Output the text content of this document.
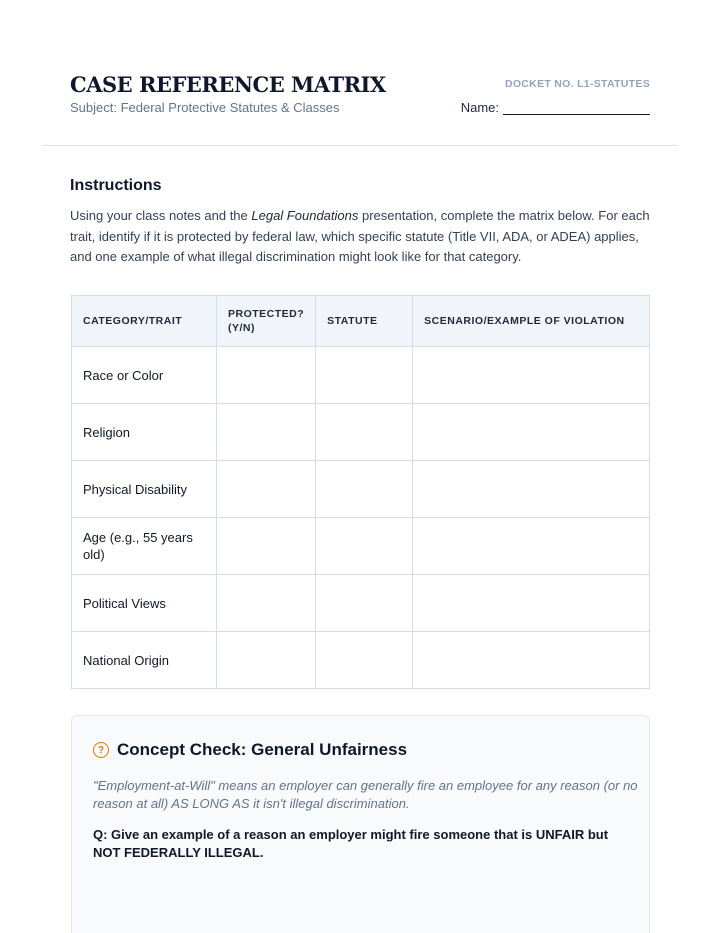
CASE REFERENCE MATRIX
Subject: Federal Protective Statutes & Classes
DOCKET NO. L1-STATUTES
Name:
Instructions
Using your class notes and the Legal Foundations presentation, complete the matrix below. For each trait, identify if it is protected by federal law, which specific statute (Title VII, ADA, or ADEA) applies, and one example of what illegal discrimination might look like for that category.
CATEGORY/TRAIT	PROTECTED? (Y/N)	STATUTE	SCENARIO/EXAMPLE OF VIOLATION
Race or Color			
Religion			
Physical Disability			
Age (e.g., 55 years old)			
Political Views			
National Origin			
? Concept Check: General Unfairness
"Employment-at-Will" means an employer can generally fire an employee for any reason (or no reason at all) AS LONG AS it isn't illegal discrimination.
Q: Give an example of a reason an employer might fire someone that is UNFAIR but NOT FEDERALLY ILLEGAL.
